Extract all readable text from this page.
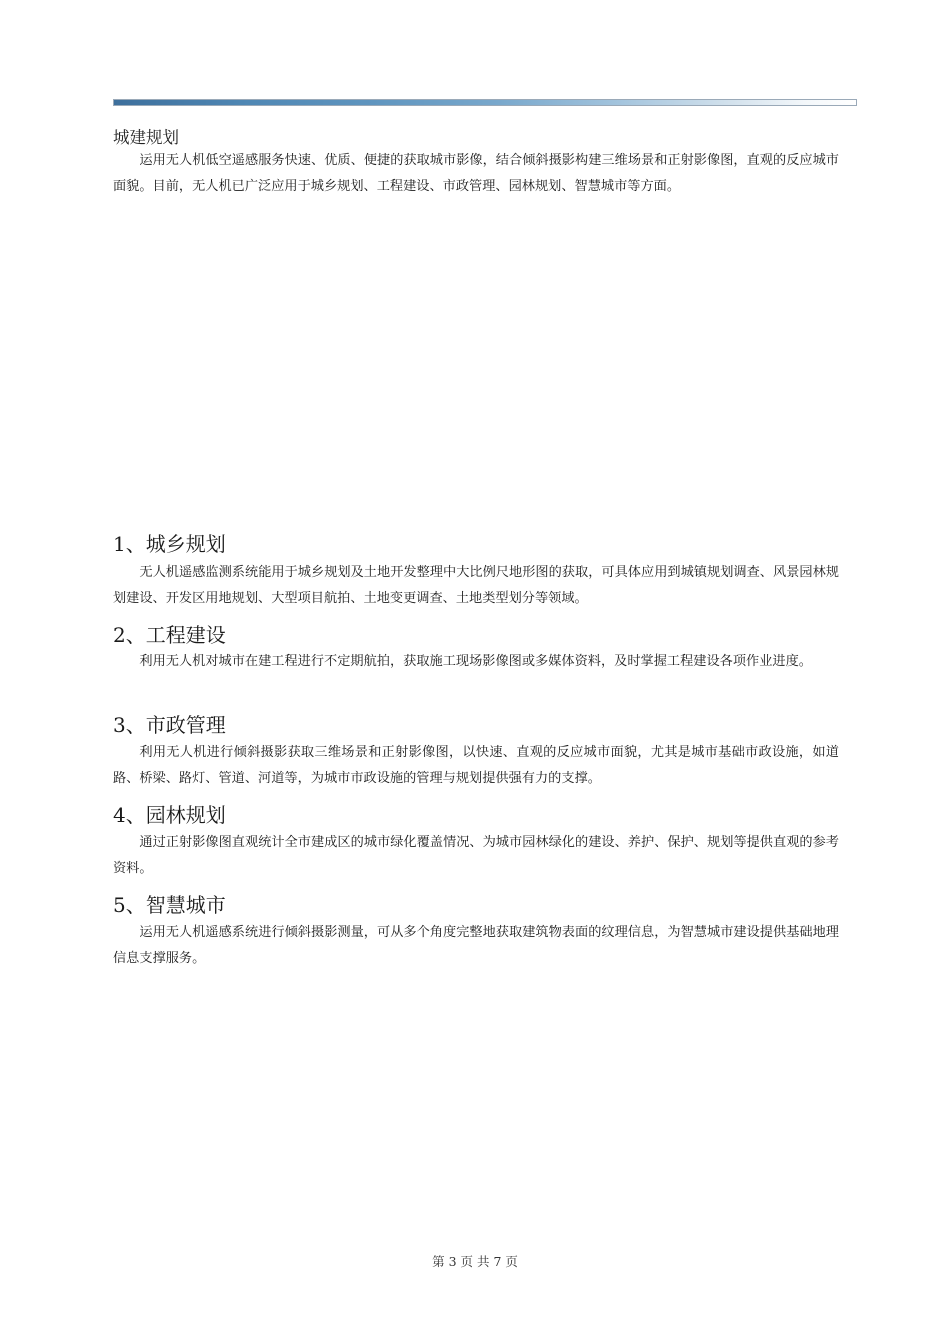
城建规划

运用无人机低空遥感服务快速、优质、便捷的获取城市影像，结合倾斜摄影构建三维场景和正射影像图，直观的反应城市面貌。目前，无人机已广泛应用于城乡规划、工程建设、市政管理、园林规划、智慧城市等方面。

1、城乡规划

无人机遥感监测系统能用于城乡规划及土地开发整理中大比例尺地形图的获取，可具体应用到城镇规划调查、风景园林规划建设、开发区用地规划、大型项目航拍、土地变更调查、土地类型划分等领域。

2、工程建设

利用无人机对城市在建工程进行不定期航拍，获取施工现场影像图或多媒体资料，及时掌握工程建设各项作业进度。

3、市政管理

利用无人机进行倾斜摄影获取三维场景和正射影像图，以快速、直观的反应城市面貌，尤其是城市基础市政设施，如道路、桥梁、路灯、管道、河道等，为城市市政设施的管理与规划提供强有力的支撑。

4、园林规划

通过正射影像图直观统计全市建成区的城市绿化覆盖情况、为城市园林绿化的建设、养护、保护、规划等提供直观的参考资料。

5、智慧城市

运用无人机遥感系统进行倾斜摄影测量，可从多个角度完整地获取建筑物表面的纹理信息，为智慧城市建设提供基础地理信息支撑服务。

第 3 页 共 7 页
